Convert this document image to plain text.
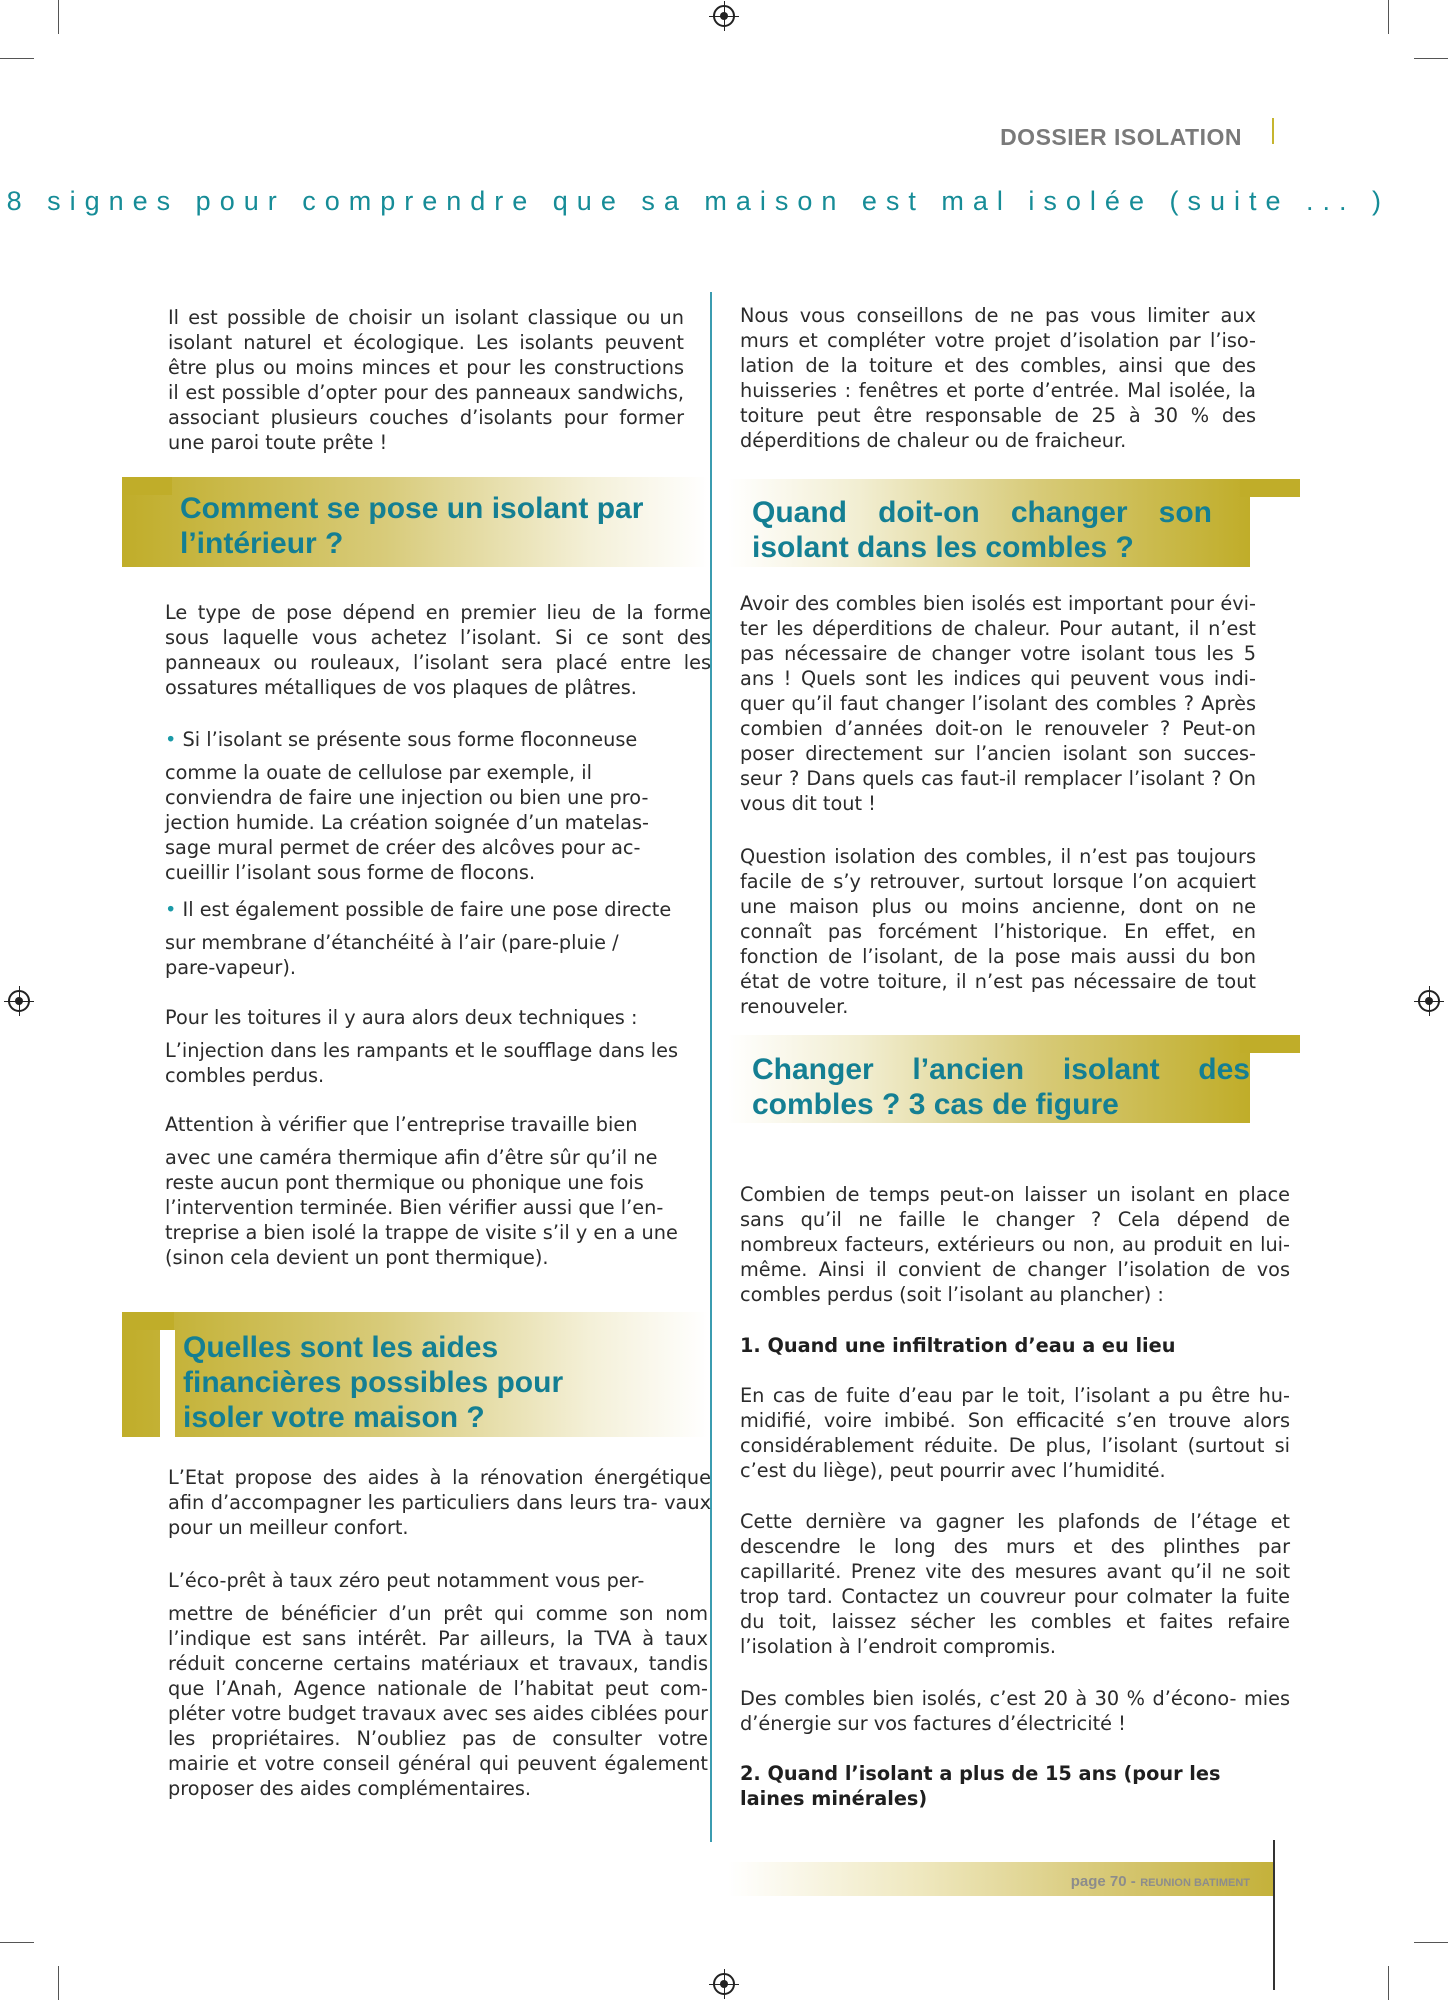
DOSSIER ISOLATION
8 signes pour comprendre que sa maison est mal isolée (suite ... )

Il est possible de choisir un isolant classique ou un isolant naturel et écologique. Les isolants peuvent être plus ou moins minces et pour les constructions il est possible d’opter pour des panneaux sandwichs, associant plusieurs couches d’isolants pour former une paroi toute prête !

Comment se pose un isolant par l’intérieur ?

Le type de pose dépend en premier lieu de la forme sous laquelle vous achetez l’isolant. Si ce sont des panneaux ou rouleaux, l’isolant sera placé entre les ossatures métalliques de vos plaques de plâtres.

• Si l’isolant se présente sous forme floconneuse

comme la ouate de cellulose par exemple, il conviendra de faire une injection ou bien une pro- jection humide. La création soignée d’un matelas- sage mural permet de créer des alcôves pour ac- cueillir l’isolant sous forme de flocons.

• Il est également possible de faire une pose directe

sur membrane d’étanchéité à l’air (pare-pluie / pare-vapeur).

Pour les toitures il y aura alors deux techniques :

L’injection dans les rampants et le soufflage dans les combles perdus.

Attention à vérifier que l’entreprise travaille bien

avec une caméra thermique afin d’être sûr qu’il ne reste aucun pont thermique ou phonique une fois l’intervention terminée. Bien vérifier aussi que l’en- treprise a bien isolé la trappe de visite s’il y en a une (sinon cela devient un pont thermique).

Quelles sont les aides financières possibles pour isoler votre maison ?

L’Etat propose des aides à la rénovation énergétique afin d’accompagner les particuliers dans leurs tra- vaux pour un meilleur confort.

L’éco-prêt à taux zéro peut notamment vous per-

mettre de bénéficier d’un prêt qui comme son nom l’indique est sans intérêt. Par ailleurs, la TVA à taux réduit concerne certains matériaux et travaux, tandis que l’Anah, Agence nationale de l’habitat peut com- pléter votre budget travaux avec ses aides ciblées pour les propriétaires. N’oubliez pas de consulter votre mairie et votre conseil général qui peuvent également proposer des aides complémentaires.

Nous vous conseillons de ne pas vous limiter aux murs et compléter votre projet d’isolation par l’iso- lation de la toiture et des combles, ainsi que des huisseries : fenêtres et porte d’entrée. Mal isolée, la toiture peut être responsable de 25 à 30 % des déperditions de chaleur ou de fraicheur.

Quand doit-on changer son isolant dans les combles ?

Avoir des combles bien isolés est important pour évi- ter les déperditions de chaleur. Pour autant, il n’est pas nécessaire de changer votre isolant tous les 5 ans ! Quels sont les indices qui peuvent vous indi- quer qu’il faut changer l’isolant des combles ? Après combien d’années doit-on le renouveler ? Peut-on poser directement sur l’ancien isolant son succes- seur ? Dans quels cas faut-il remplacer l’isolant ? On vous dit tout !

Question isolation des combles, il n’est pas toujours facile de s’y retrouver, surtout lorsque l’on acquiert une maison plus ou moins ancienne, dont on ne connaît pas forcément l’historique. En effet, en fonction de l’isolant, de la pose mais aussi du bon état de votre toiture, il n’est pas nécessaire de tout renouveler.

Changer l’ancien isolant des combles ? 3 cas de figure

Combien de temps peut-on laisser un isolant en place sans qu’il ne faille le changer ? Cela dépend de nombreux facteurs, extérieurs ou non, au produit en lui-même. Ainsi il convient de changer l’isolation de vos combles perdus (soit l’isolant au plancher) :

1. Quand une infiltration d’eau a eu lieu

En cas de fuite d’eau par le toit, l’isolant a pu être hu- midifié, voire imbibé. Son efficacité s’en trouve alors considérablement réduite. De plus, l’isolant (surtout si c’est du liège), peut pourrir avec l’humidité.

Cette dernière va gagner les plafonds de l’étage et descendre le long des murs et des plinthes par capillarité. Prenez vite des mesures avant qu’il ne soit trop tard. Contactez un couvreur pour colmater la fuite du toit, laissez sécher les combles et faites refaire l’isolation à l’endroit compromis.

Des combles bien isolés, c’est 20 à 30 % d’écono- mies d’énergie sur vos factures d’électricité !

2. Quand l’isolant a plus de 15 ans (pour les laines minérales)

page 70 - REUNION BATIMENT
